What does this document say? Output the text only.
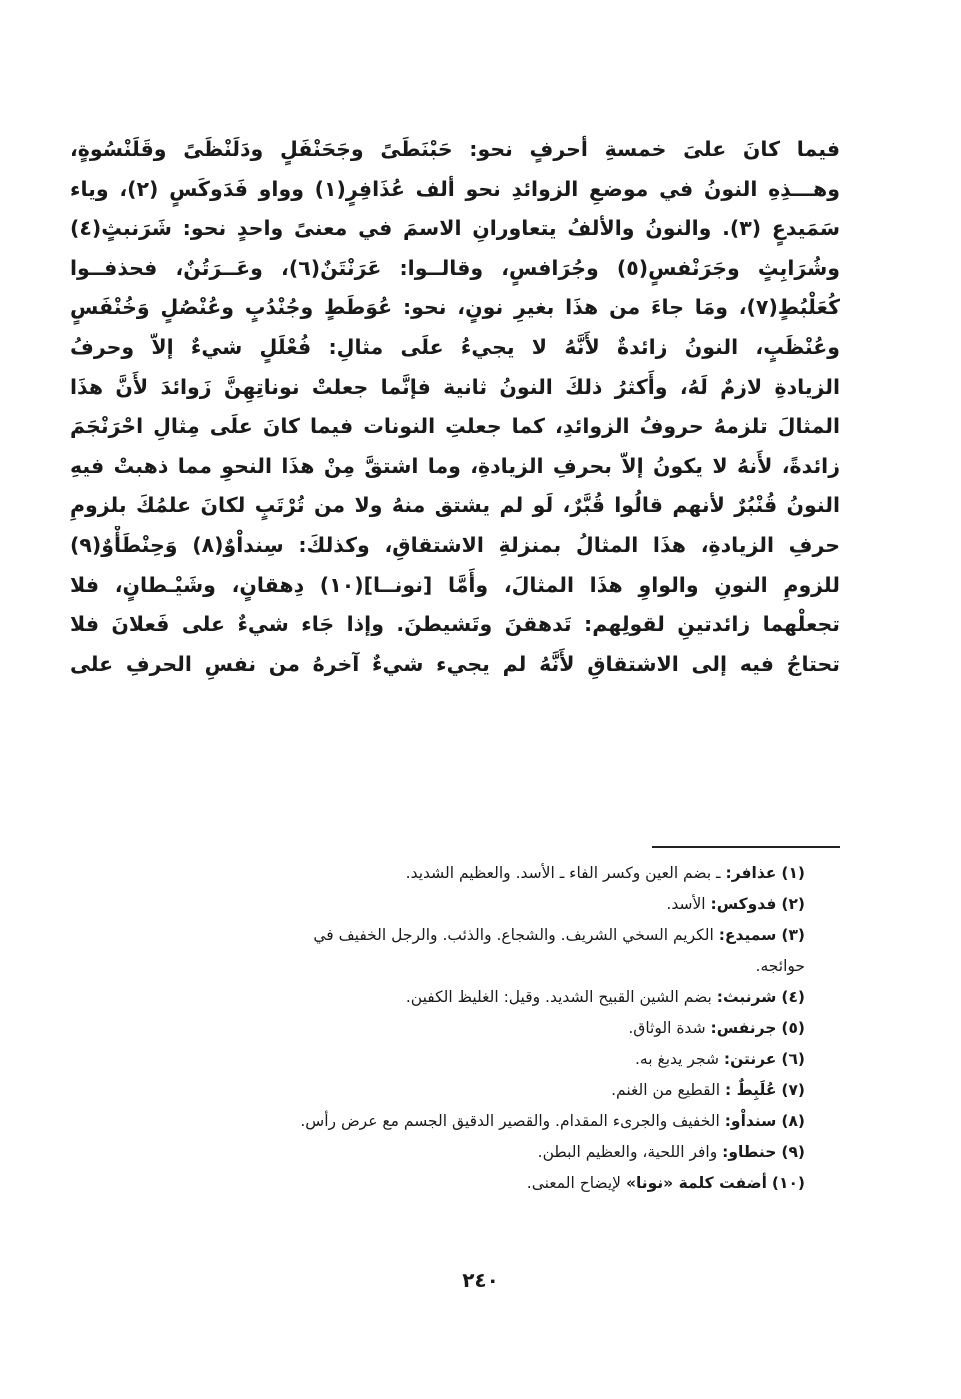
فيما كانَ علىَ خمسةِ أحرفٍ نحو: حَبْنَطَىً وجَحَنْفَلٍ ودَلَنْظَىً وقَلَنْسُوةٍ،
وهـــذِهِ النونُ في موضعِ الزوائدِ نحو ألف عُذَافِرٍ(١) وواو فَدَوكَسٍ (٢)، وياء
سَمَيدعٍ (٣). والنونُ والألفُ يتعاورانِ الاسمَ في معنىً واحدٍ نحو: شَرَنبثٍ(٤)
وشُرَابِثٍ وجَرَنْفسٍ(٥) وجُرَافسٍ، وقالــوا: عَرَنْتَنٌ(٦)، وعَــرَتُنٌ، فحذفــوا
كُعَلْبُطٍ(٧)، ومَا جاءَ من هذَا بغيرِ نونٍ، نحو: عُوَطَطٍ وجُنْدُبٍ وعُنْصُلٍ وَخُنْفَسٍ
وعُنْظَبٍ، النونُ زائدةٌ لأَنَّهُ لا يجيءُ علَى مثالِ: فُعْلَلٍ شيءٌ إلاّ وحرفُ
الزيادةِ لازمٌ لَهُ، وأَكثرُ ذلكَ النونُ ثانية فإنَّما جعلتْ نوناتِهِنَّ زَوائدَ لأَنَّ هذَا
المثالَ تلزمهُ حروفُ الزوائدِ، كما جعلتِ النونات فيما كانَ علَى مِثالِ احْرَنْجَمَ
زائدةً، لأَنهُ لا يكونُ إلاّ بحرفِ الزيادةِ، وما اشتقَّ مِنْ هذَا النحوِ مما ذهبتْ فيهِ
النونُ قُنْبُرٌ لأنهم قالُوا قُبَّرٌ، لَو لم يشتق منهُ ولا من تُرْتَبٍ لكانَ علمُكَ بلزومِ
حرفِ الزيادةِ، هذَا المثالُ بمنزلةِ الاشتقاقِ، وكذلكَ: سِنداْوٌ(٨) وَحِنْطَأْوٌ(٩)
للزومِ النونِ والواوِ هذَا المثالَ، وأَمَّا [نونــا](١٠) دِهقانٍ، وشَيْـطانٍ، فلا
تجعلْهما زائدتينِ لقولِهم: تَدهقنَ وتَشيطنَ. وإذا جَاء شيءٌ على فَعلانَ فلا
تحتاجُ فيه إلى الاشتقاقِ لأَنَّهُ لم يجيء شيءٌ آخرهُ من نفسِ الحرفِ على
(١) عذافر: ـ بضم العين وكسر الفاء ـ الأسد. والعظيم الشديد.
(٢) فدوكس: الأسد.
(٣) سميدع: الكريم السخي الشريف. والشجاع. والذئب. والرجل الخفيف في
حوائجه.
(٤) شرنبث: بضم الشين القبيح الشديد. وقيل: الغليظ الكفين.
(٥) جرنفس: شدة الوثاق.
(٦) عرنتن: شجر يدبغ به.
(٧) عُلَبِطٌ : القطيع من الغنم.
(٨) سنداْو: الخفيف والجرىء المقدام. والقصير الدقيق الجسم مع عرض رأس.
(٩) حنطاو: وافر اللحية، والعظيم البطن.
(١٠) أضفت كلمة «نونا» لإيضاح المعنى.
٢٤٠
